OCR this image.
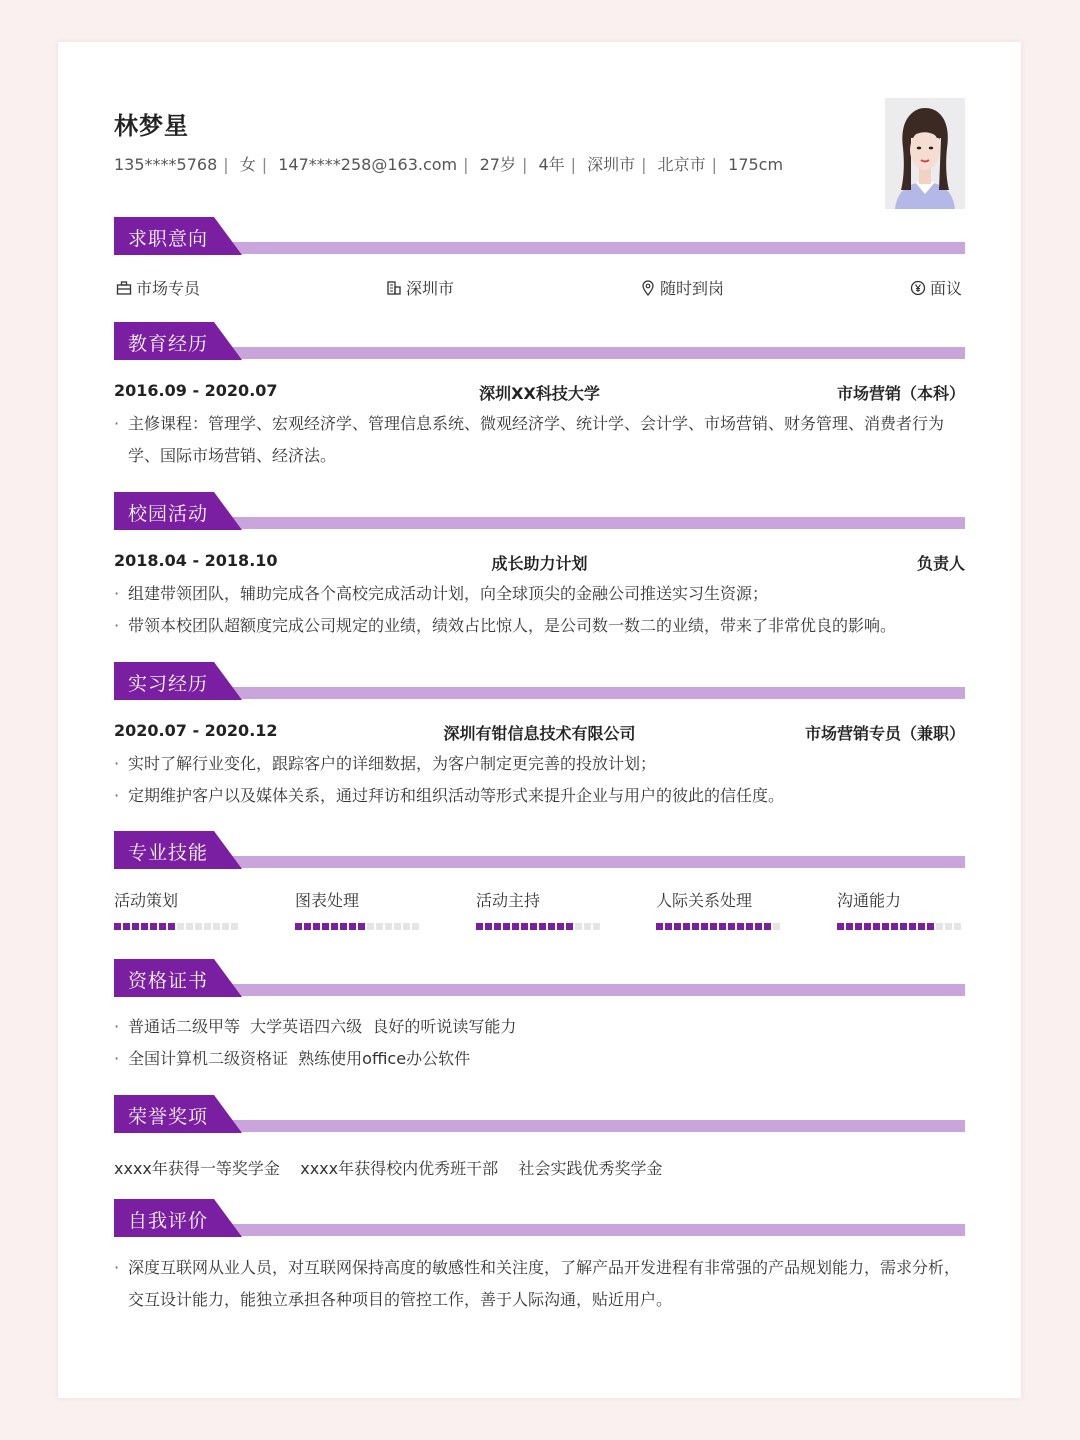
林梦星
135****5768 | 女 | 147****258@163.com | 27岁 | 4年 | 深圳市 | 北京市 | 175cm
求职意向
市场专员	深圳市	随时到岗	面议
教育经历
2016.09 - 2020.07	深圳XX科技大学	市场营销（本科）
· 主修课程：管理学、宏观经济学、管理信息系统、微观经济学、统计学、会计学、市场营销、财务管理、消费者行为学、国际市场营销、经济法。
校园活动
2018.04 - 2018.10	成长助力计划	负责人
· 组建带领团队，辅助完成各个高校完成活动计划，向全球顶尖的金融公司推送实习生资源；
· 带领本校团队超额度完成公司规定的业绩，绩效占比惊人，是公司数一数二的业绩，带来了非常优良的影响。
实习经历
2020.07 - 2020.12	深圳有钳信息技术有限公司	市场营销专员（兼职）
· 实时了解行业变化，跟踪客户的详细数据，为客户制定更完善的投放计划；
· 定期维护客户以及媒体关系，通过拜访和组织活动等形式来提升企业与用户的彼此的信任度。
专业技能
活动策划	图表处理	活动主持	人际关系处理	沟通能力
资格证书
· 普通话二级甲等  大学英语四六级  良好的听说读写能力
· 全国计算机二级资格证  熟练使用office办公软件
荣誉奖项
xxxx年获得一等奖学金    xxxx年获得校内优秀班干部    社会实践优秀奖学金
自我评价
· 深度互联网从业人员，对互联网保持高度的敏感性和关注度，了解产品开发进程有非常强的产品规划能力，需求分析，交互设计能力，能独立承担各种项目的管控工作，善于人际沟通，贴近用户。
